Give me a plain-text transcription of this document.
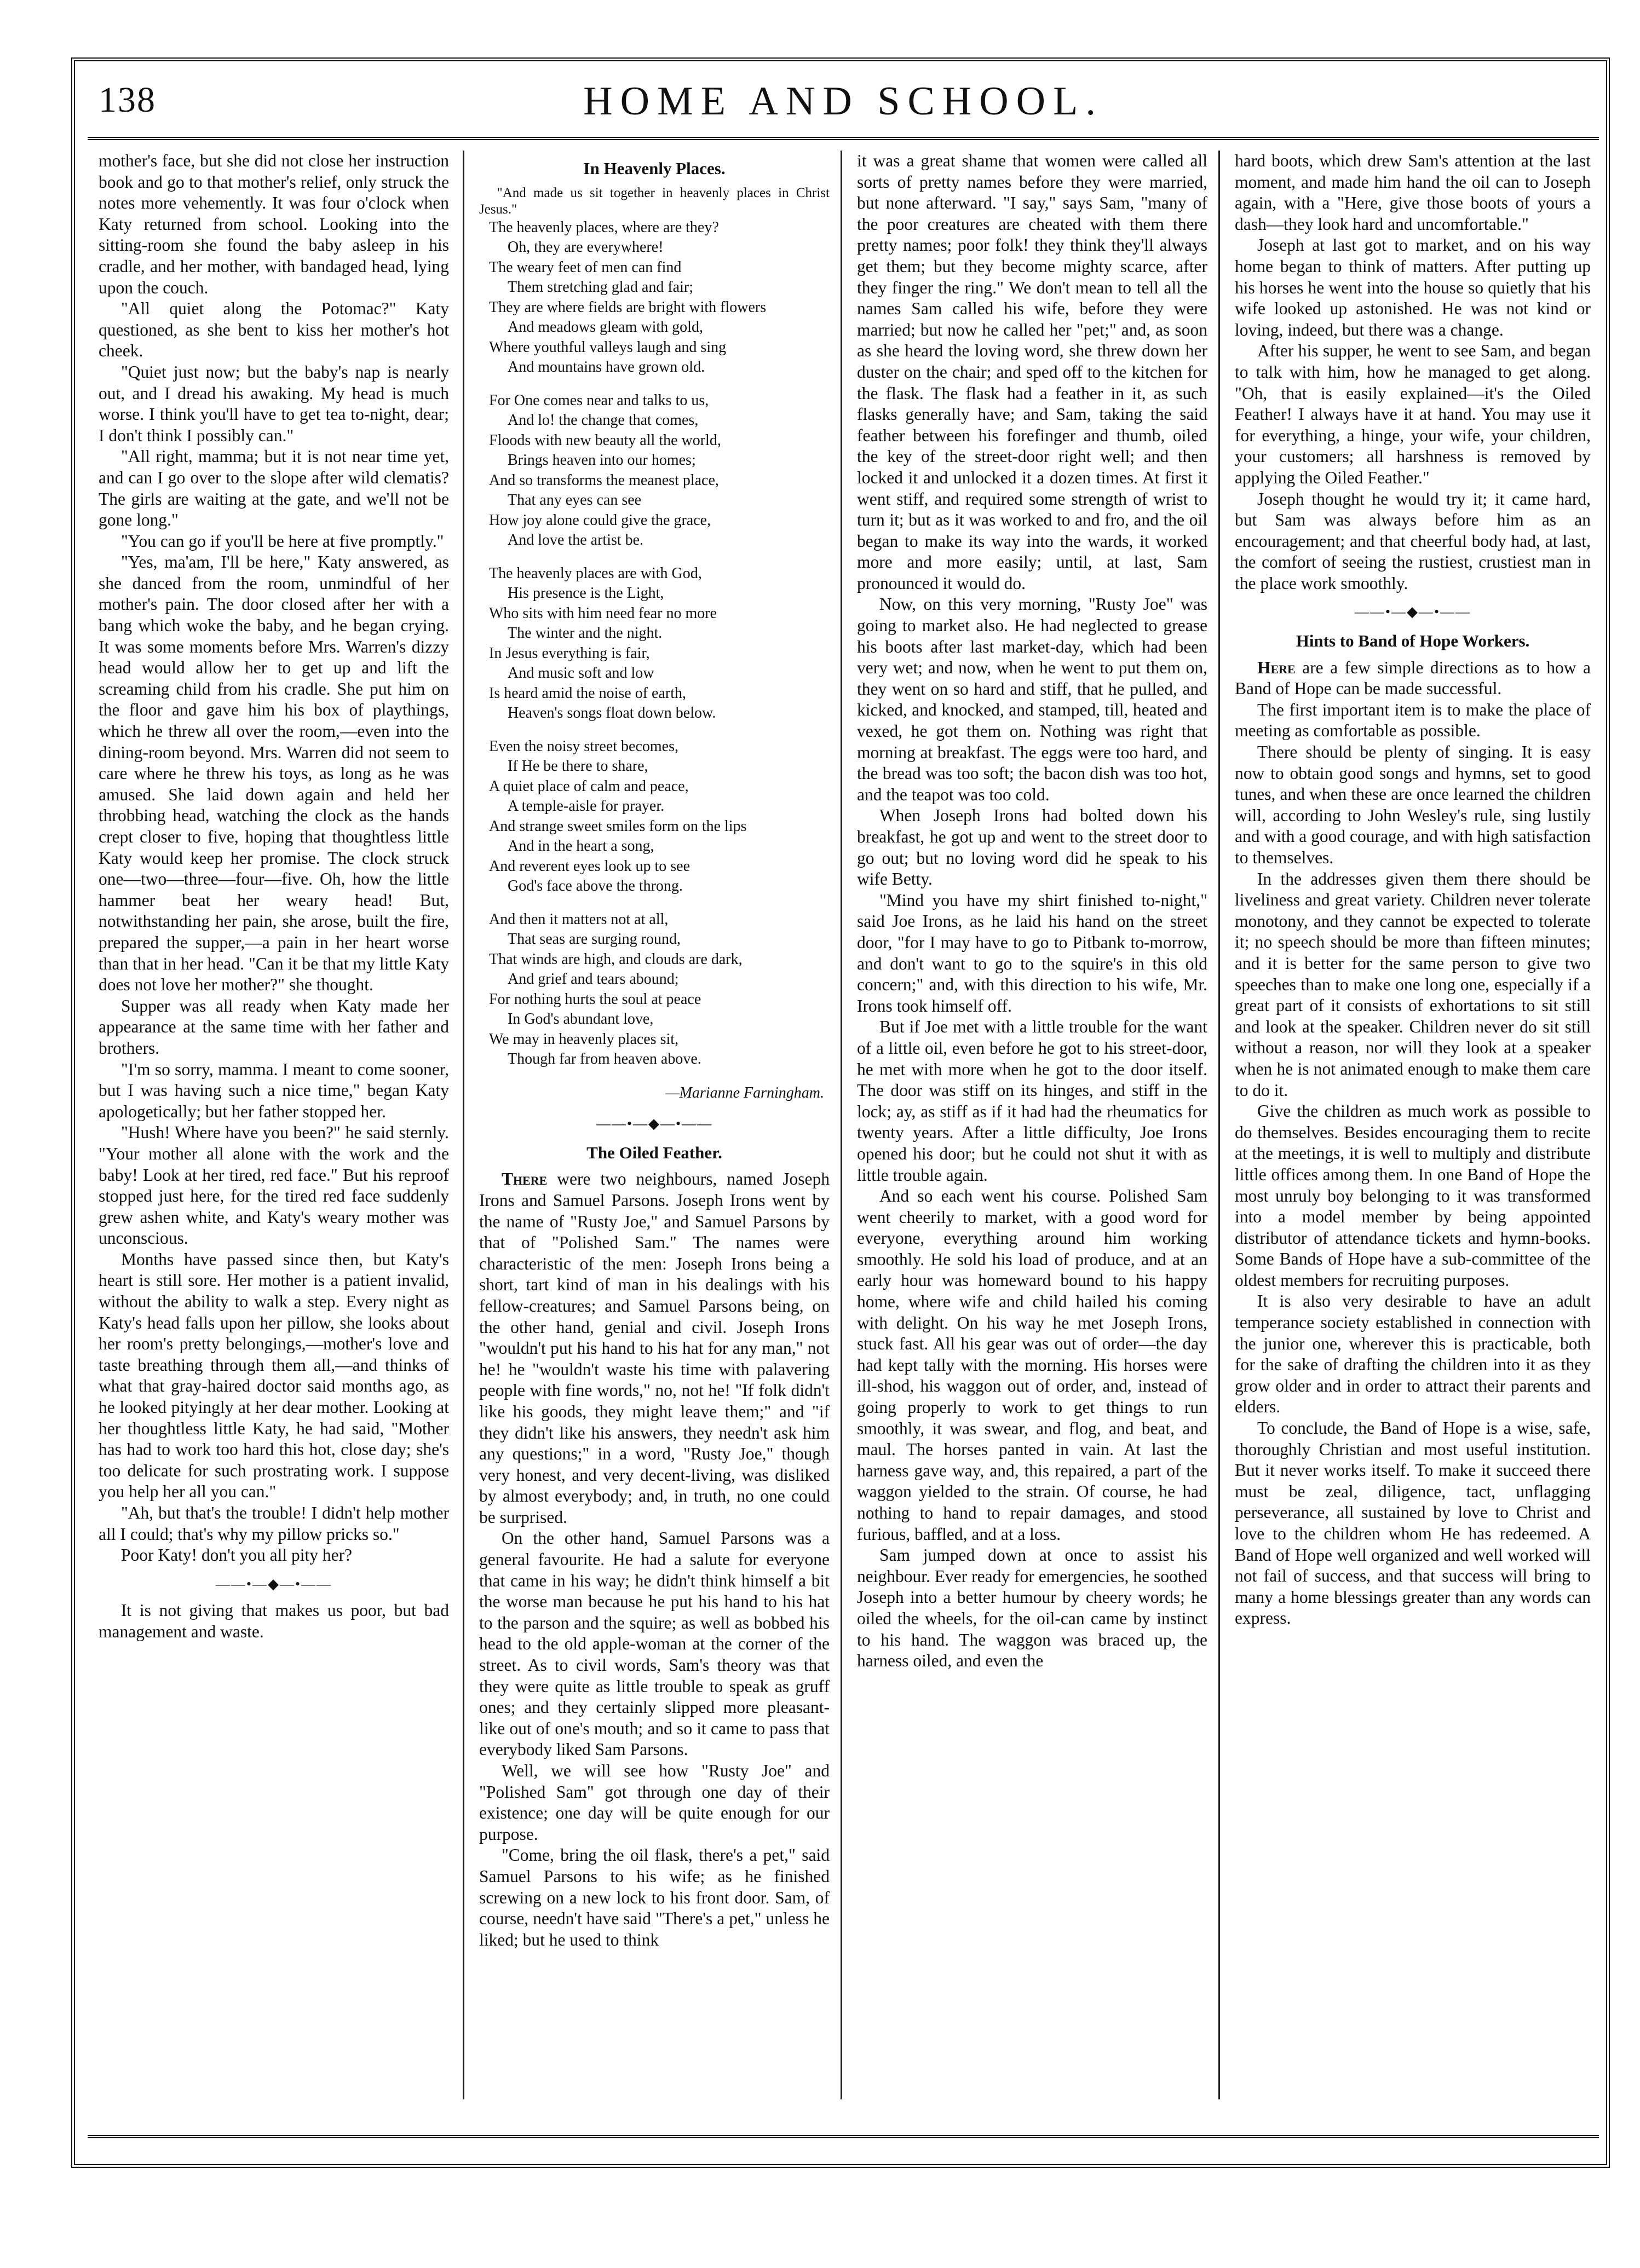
138	HOME AND SCHOOL.

mother's face, but she did not close her instruction book and go to that mother's relief, only struck the notes more vehemently. It was four o'clock when Katy returned from school. Looking into the sitting-room she found the baby asleep in his cradle, and her mother, with bandaged head, lying upon the couch.

"All quiet along the Potomac?" Katy questioned, as she bent to kiss her mother's hot cheek.

"Quiet just now; but the baby's nap is nearly out, and I dread his awaking. My head is much worse. I think you'll have to get tea to-night, dear; I don't think I possibly can."

"All right, mamma; but it is not near time yet, and can I go over to the slope after wild clematis? The girls are waiting at the gate, and we'll not be gone long."

"You can go if you'll be here at five promptly."

"Yes, ma'am, I'll be here," Katy answered, as she danced from the room, unmindful of her mother's pain. The door closed after her with a bang which woke the baby, and he began crying. It was some moments before Mrs. Warren's dizzy head would allow her to get up and lift the screaming child from his cradle. She put him on the floor and gave him his box of playthings, which he threw all over the room,—even into the dining-room beyond. Mrs. Warren did not seem to care where he threw his toys, as long as he was amused. She laid down again and held her throbbing head, watching the clock as the hands crept closer to five, hoping that thoughtless little Katy would keep her promise. The clock struck one—two—three—four—five. Oh, how the little hammer beat her weary head! But, notwithstanding her pain, she arose, built the fire, prepared the supper,—a pain in her heart worse than that in her head. "Can it be that my little Katy does not love her mother?" she thought.

Supper was all ready when Katy made her appearance at the same time with her father and brothers.

"I'm so sorry, mamma. I meant to come sooner, but I was having such a nice time," began Katy apologetically; but her father stopped her.

"Hush! Where have you been?" he said sternly. "Your mother all alone with the work and the baby! Look at her tired, red face." But his reproof stopped just here, for the tired red face suddenly grew ashen white, and Katy's weary mother was unconscious.

Months have passed since then, but Katy's heart is still sore. Her mother is a patient invalid, without the ability to walk a step. Every night as Katy's head falls upon her pillow, she looks about her room's pretty belongings,—mother's love and taste breathing through them all,—and thinks of what that gray-haired doctor said months ago, as he looked pityingly at her dear mother. Looking at her thoughtless little Katy, he had said, "Mother has had to work too hard this hot, close day; she's too delicate for such prostrating work. I suppose you help her all you can."

"Ah, but that's the trouble! I didn't help mother all I could; that's why my pillow pricks so."

Poor Katy! don't you all pity her?

——•—◆—•——

It is not giving that makes us poor, but bad management and waste.

In Heavenly Places.

"And made us sit together in heavenly places in Christ Jesus."

The heavenly places, where are they?
Oh, they are everywhere!
The weary feet of men can find
Them stretching glad and fair;
They are where fields are bright with flowers
And meadows gleam with gold,
Where youthful valleys laugh and sing
And mountains have grown old.
For One comes near and talks to us,
And lo! the change that comes,
Floods with new beauty all the world,
Brings heaven into our homes;
And so transforms the meanest place,
That any eyes can see
How joy alone could give the grace,
And love the artist be.
The heavenly places are with God,
His presence is the Light,
Who sits with him need fear no more
The winter and the night.
In Jesus everything is fair,
And music soft and low
Is heard amid the noise of earth,
Heaven's songs float down below.
Even the noisy street becomes,
If He be there to share,
A quiet place of calm and peace,
A temple-aisle for prayer.
And strange sweet smiles form on the lips
And in the heart a song,
And reverent eyes look up to see
God's face above the throng.
And then it matters not at all,
That seas are surging round,
That winds are high, and clouds are dark,
And grief and tears abound;
For nothing hurts the soul at peace
In God's abundant love,
We may in heavenly places sit,
Though far from heaven above.
—Marianne Farningham.
——•—◆—•——
The Oiled Feather.

There were two neighbours, named Joseph Irons and Samuel Parsons. Joseph Irons went by the name of "Rusty Joe," and Samuel Parsons by that of "Polished Sam." The names were characteristic of the men: Joseph Irons being a short, tart kind of man in his dealings with his fellow-creatures; and Samuel Parsons being, on the other hand, genial and civil. Joseph Irons "wouldn't put his hand to his hat for any man," not he! he "wouldn't waste his time with palavering people with fine words," no, not he! "If folk didn't like his goods, they might leave them;" and "if they didn't like his answers, they needn't ask him any questions;" in a word, "Rusty Joe," though very honest, and very decent-living, was disliked by almost everybody; and, in truth, no one could be surprised.

On the other hand, Samuel Parsons was a general favourite. He had a salute for everyone that came in his way; he didn't think himself a bit the worse man because he put his hand to his hat to the parson and the squire; as well as bobbed his head to the old apple-woman at the corner of the street. As to civil words, Sam's theory was that they were quite as little trouble to speak as gruff ones; and they certainly slipped more pleasant-like out of one's mouth; and so it came to pass that everybody liked Sam Parsons.

Well, we will see how "Rusty Joe" and "Polished Sam" got through one day of their existence; one day will be quite enough for our purpose.

"Come, bring the oil flask, there's a pet," said Samuel Parsons to his wife; as he finished screwing on a new lock to his front door. Sam, of course, needn't have said "There's a pet," unless he liked; but he used to think

it was a great shame that women were called all sorts of pretty names before they were married, but none afterward. "I say," says Sam, "many of the poor creatures are cheated with them there pretty names; poor folk! they think they'll always get them; but they become mighty scarce, after they finger the ring." We don't mean to tell all the names Sam called his wife, before they were married; but now he called her "pet;" and, as soon as she heard the loving word, she threw down her duster on the chair; and sped off to the kitchen for the flask. The flask had a feather in it, as such flasks generally have; and Sam, taking the said feather between his forefinger and thumb, oiled the key of the street-door right well; and then locked it and unlocked it a dozen times. At first it went stiff, and required some strength of wrist to turn it; but as it was worked to and fro, and the oil began to make its way into the wards, it worked more and more easily; until, at last, Sam pronounced it would do.

Now, on this very morning, "Rusty Joe" was going to market also. He had neglected to grease his boots after last market-day, which had been very wet; and now, when he went to put them on, they went on so hard and stiff, that he pulled, and kicked, and knocked, and stamped, till, heated and vexed, he got them on. Nothing was right that morning at breakfast. The eggs were too hard, and the bread was too soft; the bacon dish was too hot, and the teapot was too cold.

When Joseph Irons had bolted down his breakfast, he got up and went to the street door to go out; but no loving word did he speak to his wife Betty.

"Mind you have my shirt finished to-night," said Joe Irons, as he laid his hand on the street door, "for I may have to go to Pitbank to-morrow, and don't want to go to the squire's in this old concern;" and, with this direction to his wife, Mr. Irons took himself off.

But if Joe met with a little trouble for the want of a little oil, even before he got to his street-door, he met with more when he got to the door itself. The door was stiff on its hinges, and stiff in the lock; ay, as stiff as if it had had the rheumatics for twenty years. After a little difficulty, Joe Irons opened his door; but he could not shut it with as little trouble again.

And so each went his course. Polished Sam went cheerily to market, with a good word for everyone, everything around him working smoothly. He sold his load of produce, and at an early hour was homeward bound to his happy home, where wife and child hailed his coming with delight. On his way he met Joseph Irons, stuck fast. All his gear was out of order—the day had kept tally with the morning. His horses were ill-shod, his waggon out of order, and, instead of going properly to work to get things to run smoothly, it was swear, and flog, and beat, and maul. The horses panted in vain. At last the harness gave way, and, this repaired, a part of the waggon yielded to the strain. Of course, he had nothing to hand to repair damages, and stood furious, baffled, and at a loss.

Sam jumped down at once to assist his neighbour. Ever ready for emergencies, he soothed Joseph into a better humour by cheery words; he oiled the wheels, for the oil-can came by instinct to his hand. The waggon was braced up, the harness oiled, and even the

hard boots, which drew Sam's attention at the last moment, and made him hand the oil can to Joseph again, with a "Here, give those boots of yours a dash—they look hard and uncomfortable."

Joseph at last got to market, and on his way home began to think of matters. After putting up his horses he went into the house so quietly that his wife looked up astonished. He was not kind or loving, indeed, but there was a change.

After his supper, he went to see Sam, and began to talk with him, how he managed to get along. "Oh, that is easily explained—it's the Oiled Feather! I always have it at hand. You may use it for everything, a hinge, your wife, your children, your customers; all harshness is removed by applying the Oiled Feather."

Joseph thought he would try it; it came hard, but Sam was always before him as an encouragement; and that cheerful body had, at last, the comfort of seeing the rustiest, crustiest man in the place work smoothly.

——•—◆—•——
Hints to Band of Hope Workers.

Here are a few simple directions as to how a Band of Hope can be made successful.

The first important item is to make the place of meeting as comfortable as possible.

There should be plenty of singing. It is easy now to obtain good songs and hymns, set to good tunes, and when these are once learned the children will, according to John Wesley's rule, sing lustily and with a good courage, and with high satisfaction to themselves.

In the addresses given them there should be liveliness and great variety. Children never tolerate monotony, and they cannot be expected to tolerate it; no speech should be more than fifteen minutes; and it is better for the same person to give two speeches than to make one long one, especially if a great part of it consists of exhortations to sit still and look at the speaker. Children never do sit still without a reason, nor will they look at a speaker when he is not animated enough to make them care to do it.

Give the children as much work as possible to do themselves. Besides encouraging them to recite at the meetings, it is well to multiply and distribute little offices among them. In one Band of Hope the most unruly boy belonging to it was transformed into a model member by being appointed distributor of attendance tickets and hymn-books. Some Bands of Hope have a sub-committee of the oldest members for recruiting purposes.

It is also very desirable to have an adult temperance society established in connection with the junior one, wherever this is practicable, both for the sake of drafting the children into it as they grow older and in order to attract their parents and elders.

To conclude, the Band of Hope is a wise, safe, thoroughly Christian and most useful institution. But it never works itself. To make it succeed there must be zeal, diligence, tact, unflagging perseverance, all sustained by love to Christ and love to the children whom He has redeemed. A Band of Hope well organized and well worked will not fail of success, and that success will bring to many a home blessings greater than any words can express.
